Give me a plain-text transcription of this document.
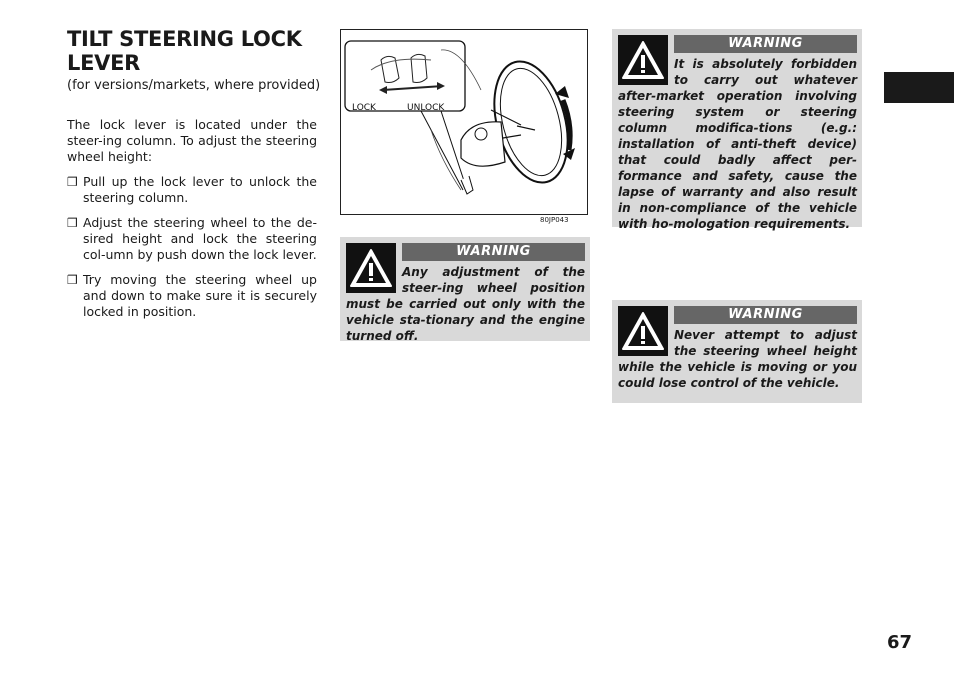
TILT STEERING LOCK LEVER

(for versions/markets, where provided)

The lock lever is located under the steer-ing column. To adjust the steering wheel height:

❒ Pull up the lock lever to unlock the steering column.
❒ Adjust the steering wheel to the de-sired height and lock the steering col-umn by push down the lock lever.
❒ Try moving the steering wheel up and down to make sure it is securely locked in position.
LOCK	UNLOCK
80JP043
WARNING
Any adjustment of the steer-ing wheel position must be carried out only with the vehicle sta-tionary and the engine turned off.
WARNING
It is absolutely forbidden to carry out whatever after-market operation involving steering system or steering column modifica-tions (e.g.: installation of anti-theft device) that could badly affect per-formance and safety, cause the lapse of warranty and also result in non-compliance of the vehicle with ho-mologation requirements.
WARNING
Never attempt to adjust the steering wheel height while the vehicle is moving or you could lose control of the vehicle.
67
